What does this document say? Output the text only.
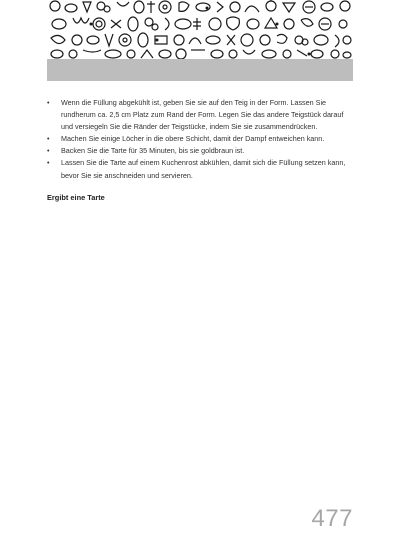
• Wenn die Füllung abgekühlt ist, geben Sie sie auf den Teig in der Form. Lassen Sie rundherum ca. 2,5 cm Platz zum Rand der Form. Legen Sie das andere Teigstück darauf und versiegeln Sie die Ränder der Teigstücke, indem Sie sie zusammendrücken.
• Machen Sie einige Löcher in die obere Schicht, damit der Dampf entweichen kann.
• Backen Sie die Tarte für 35 Minuten, bis sie goldbraun ist.
• Lassen Sie die Tarte auf einem Kuchenrost abkühlen, damit sich die Füllung setzen kann, bevor Sie sie anschneiden und servieren.
Ergibt eine Tarte
477
